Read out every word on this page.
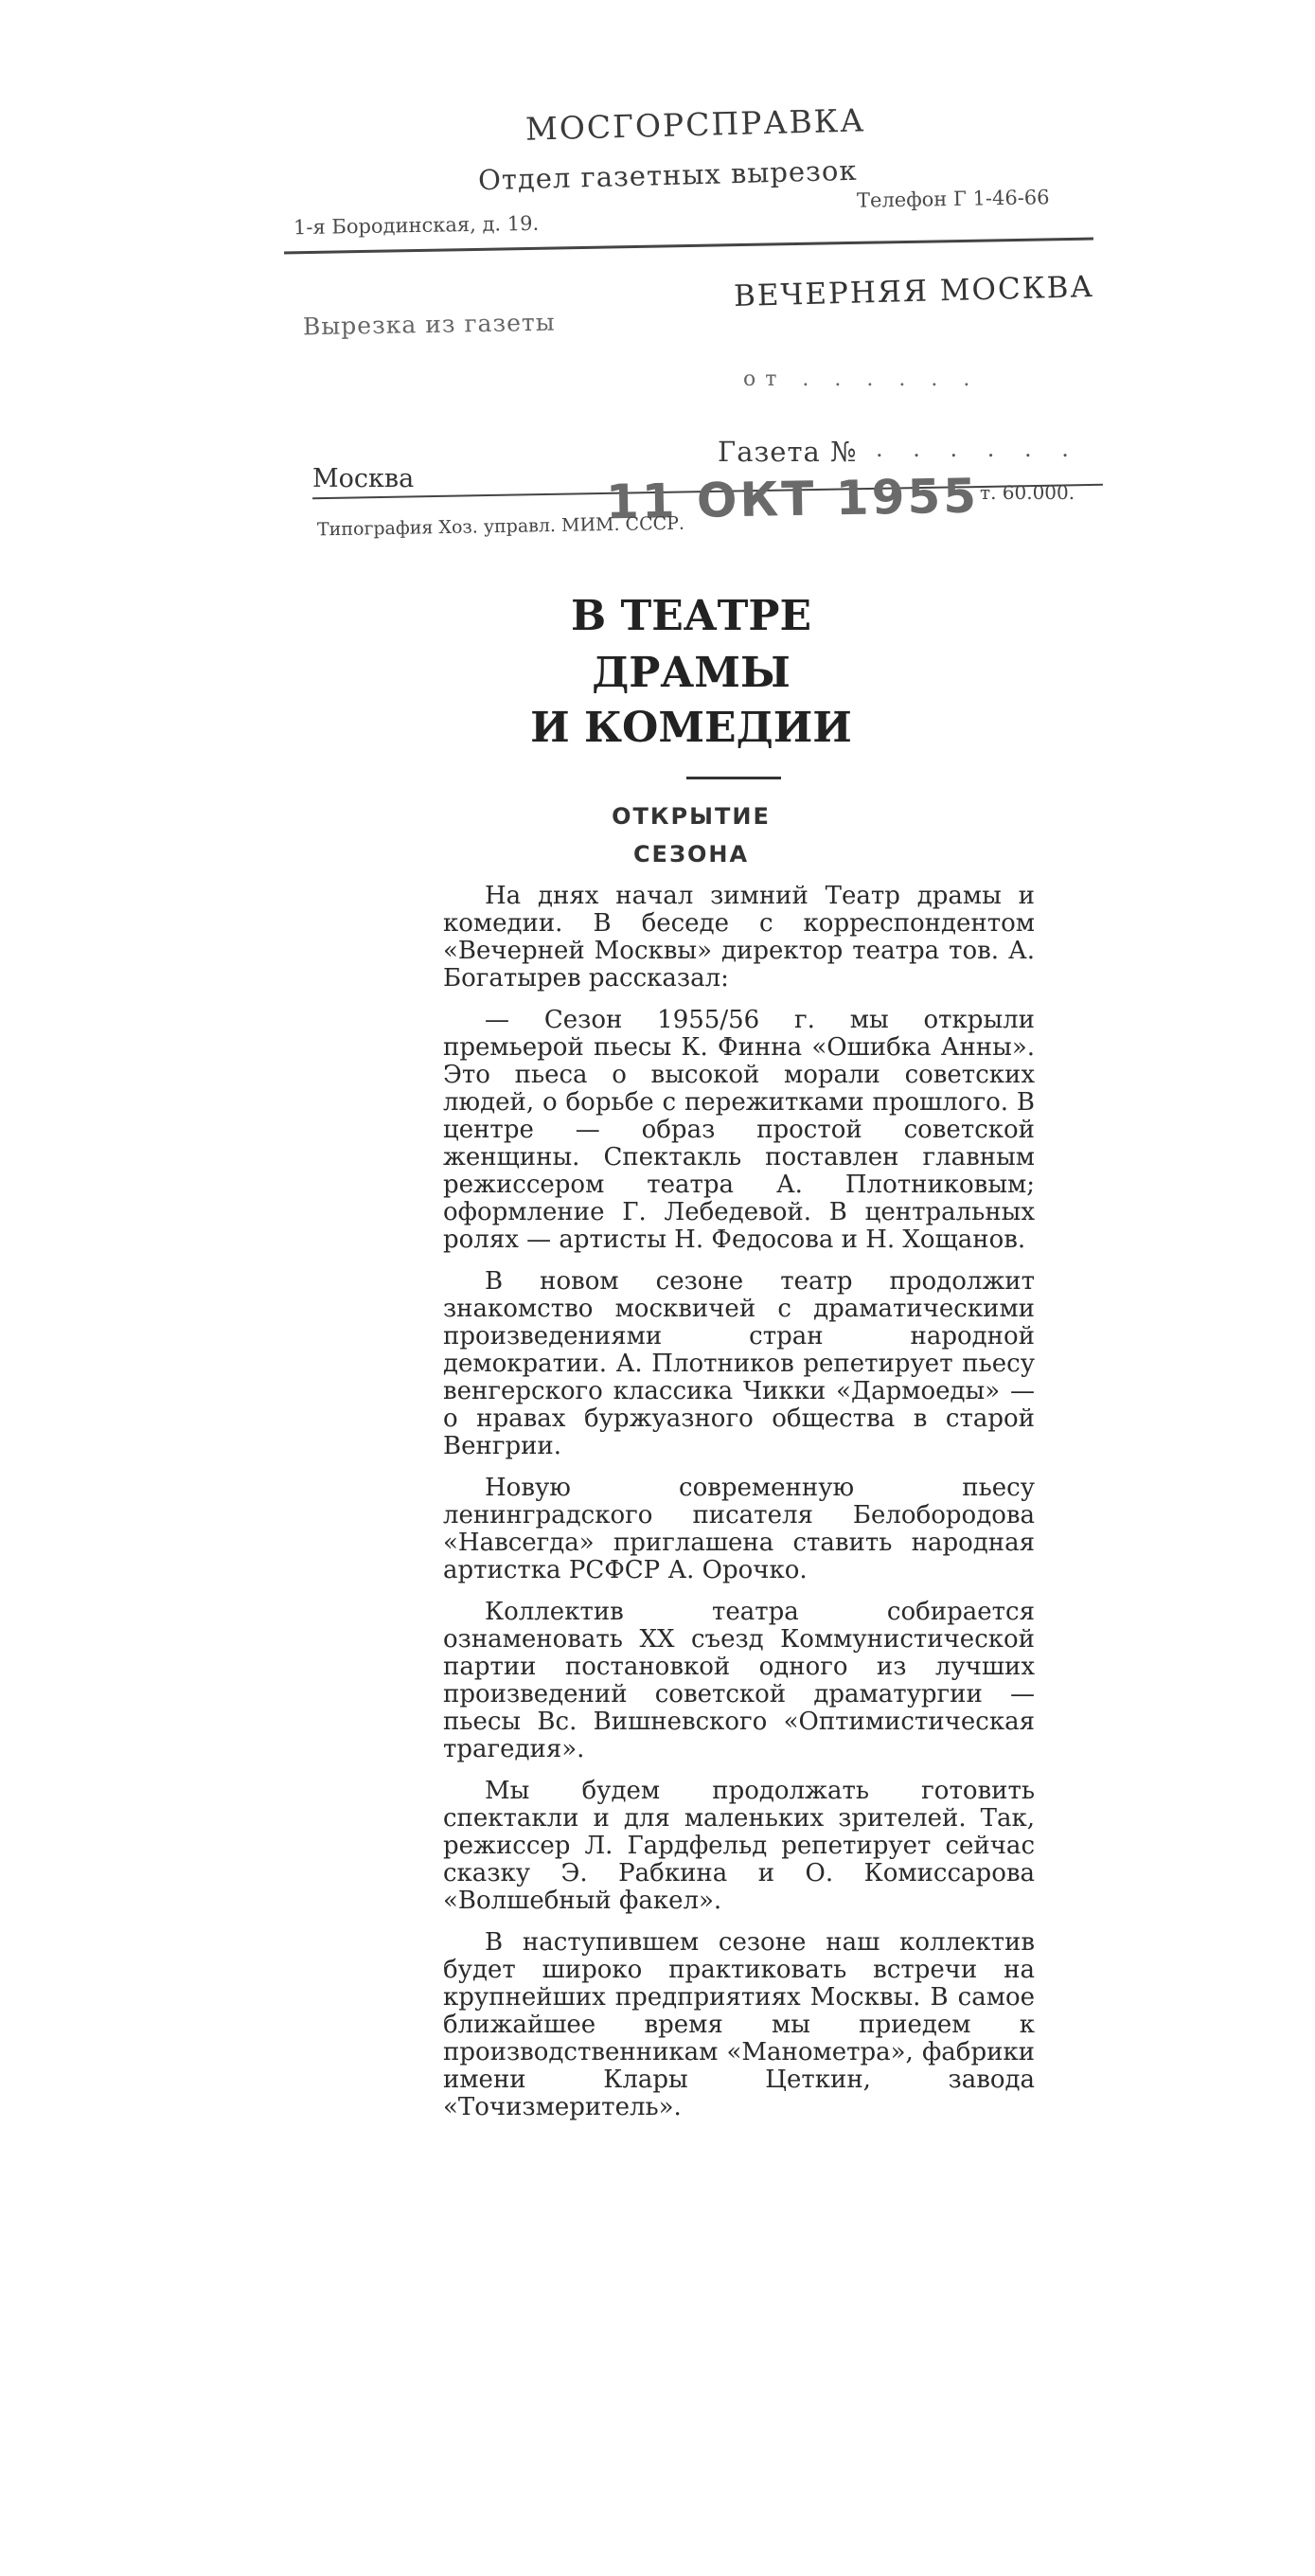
МОСГОРСПРАВКА
Отдел газетных вырезок
1-я Бородинская, д. 19.
Телефон Г 1-46-66
ВЕЧЕРНЯЯ МОСКВА
Вырезка из газеты
от . . . . . .
Газета № . . . . . .
Москва	11 ОКТ 1955
Типография Хоз. управл. МИМ. СССР.
т. 60.000.
В ТЕАТРЕ
ДРАМЫ
И КОМЕДИИ
ОТКРЫТИЕ
СЕЗОНА

На днях начал зимний Театр драмы и комедии. В беседе с корреспондентом «Вечерней Москвы» директор театра тов. А. Богатырев рассказал:

— Сезон 1955/56 г. мы открыли премьерой пьесы К. Финна «Ошибка Анны». Это пьеса о высокой морали советских людей, о борьбе с пережитками прошлого. В центре — образ простой советской женщины. Спектакль поставлен главным режиссером театра А. Плотниковым; оформление Г. Лебедевой. В центральных ролях — артисты Н. Федосова и Н. Хощанов.

В новом сезоне театр продолжит знакомство москвичей с драматическими произведениями стран народной демократии. А. Плотников репетирует пьесу венгерского классика Чикки «Дармоеды» — о нравах буржуазного общества в старой Венгрии.

Новую современную пьесу ленинградского писателя Белобородова «Навсегда» приглашена ставить народная артистка РСФСР А. Орочко.

Коллектив театра собирается ознаменовать XX съезд Коммунистической партии постановкой одного из лучших произведений советской драматургии — пьесы Вс. Вишневского «Оптимистическая трагедия».

Мы будем продолжать готовить спектакли и для маленьких зрителей. Так, режиссер Л. Гардфельд репетирует сейчас сказку Э. Рабкина и О. Комиссарова «Волшебный факел».

В наступившем сезоне наш коллектив будет широко практиковать встречи на крупнейших предприятиях Москвы. В самое ближайшее время мы приедем к производственникам «Манометра», фабрики имени Клары Цеткин, завода «Точизмеритель».
